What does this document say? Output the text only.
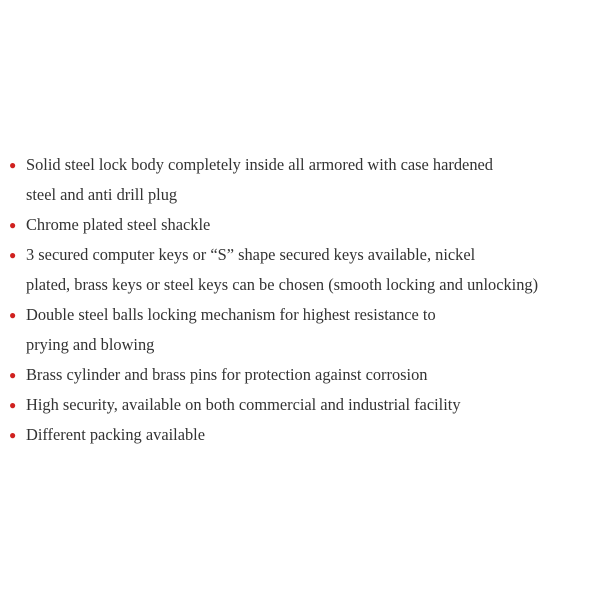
● Solid steel lock body completely inside all armored with case hardened
steel and anti drill plug
● Chrome plated steel shackle
● 3 secured computer keys or “S” shape secured keys available, nickel
plated, brass keys or steel keys can be chosen (smooth locking and unlocking)
● Double steel balls locking mechanism for highest resistance to
prying and blowing
● Brass cylinder and brass pins for protection against corrosion
● High security, available on both commercial and industrial facility
● Different packing available
